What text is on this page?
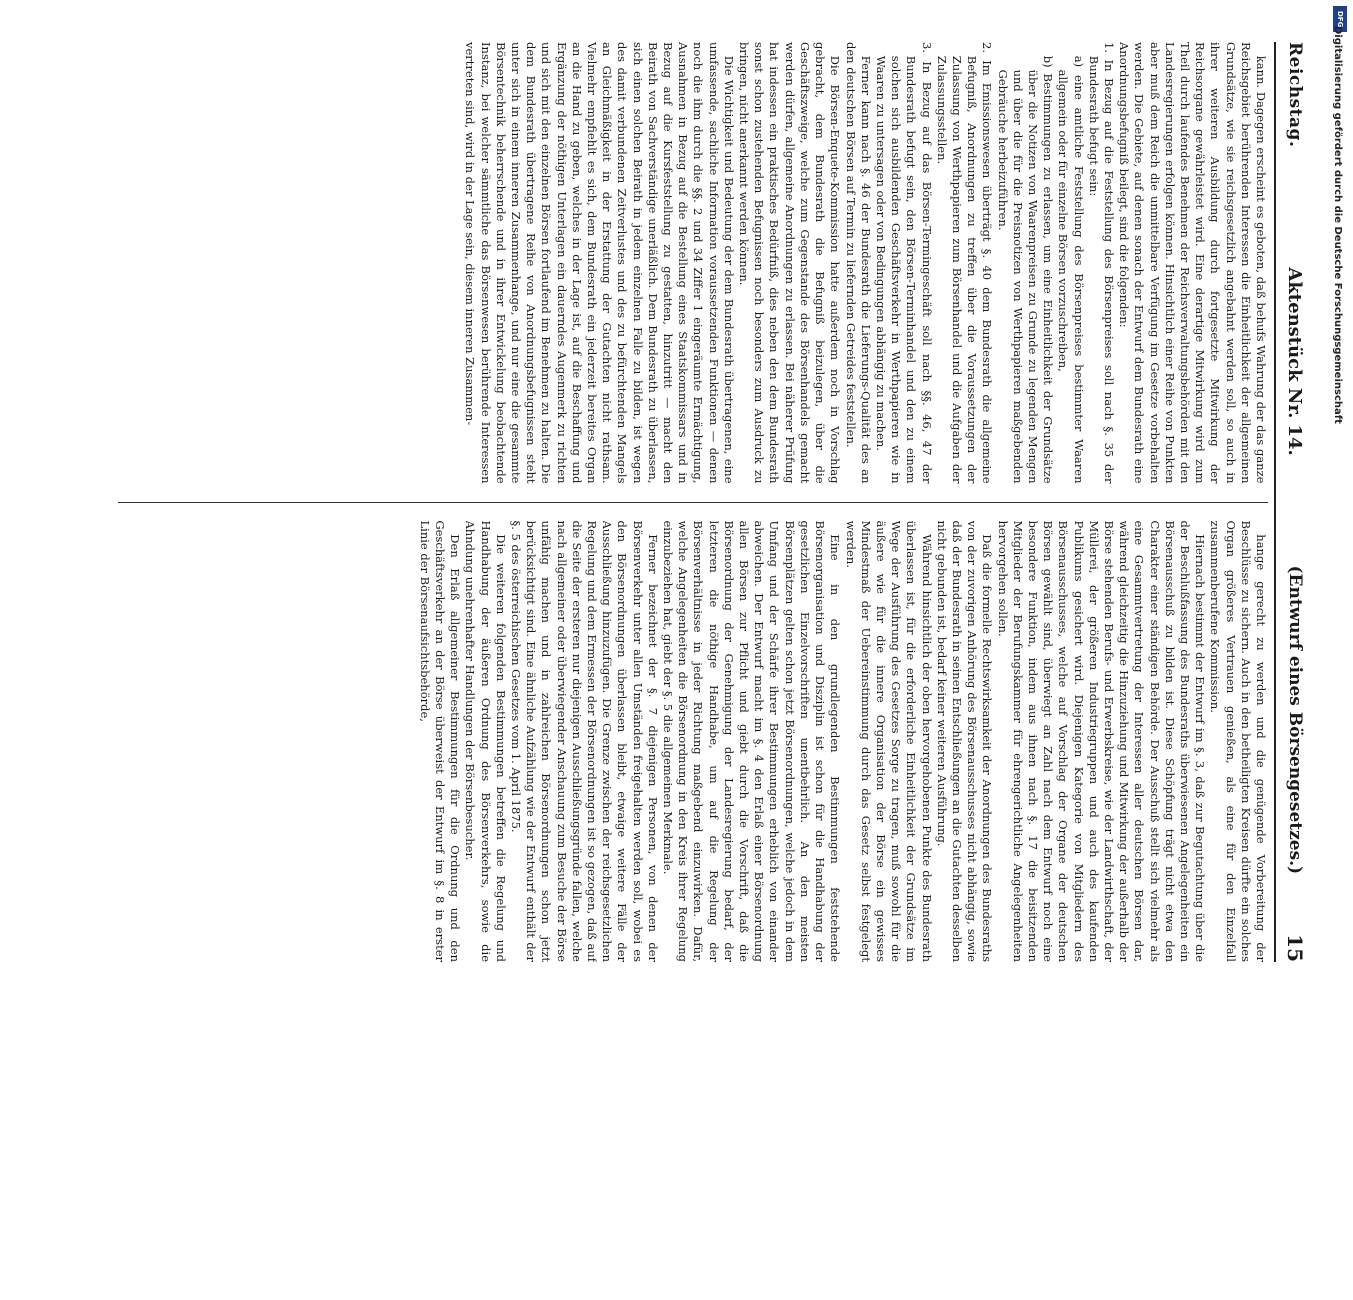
Reichstag.
Aktenstück Nr.
14.
(Entwurf eines Börsengesetzes.)
15

kann. Dagegen erscheint es geboten, daß behufs Wahrung der das ganze Reichsgebiet berührenden Interessen die Einheitlichkeit der allgemeinen Grundsätze, wie sie reichsgesetzlich angebahnt werden soll, so auch in ihrer weiteren Ausbildung durch fortgesetzte Mitwirkung der Reichsorgane gewährleistet wird. Eine derartige Mitwirkung wird zum Theil durch laufendes Benehmen der Reichsverwaltungsbehörden mit den Landesregierungen erfolgen können. Hinsichtlich einer Reihe von Punkten aber muß dem Reich die unmittelbare Verfügung im Gesetze vorbehalten werden. Die Gebiete, auf denen sonach der Entwurf dem Bundesrath eine Anordnungsbefugniß beilegt, sind die folgenden:

1. In Bezug auf die Feststellung des Börsenpreises soll nach §. 35 der Bundesrath befugt sein:

a) eine amtliche Feststellung des Börsenpreises bestimmter Waaren allgemein oder für einzelne Börsen vorzuschreiben,

b) Bestimmungen zu erlassen, um eine Einheitlichkeit der Grundsätze über die Notizen von Waarenpreisen zu Grunde zu legenden Mengen und über die für die Preisnotizen von Werthpapieren maßgebenden Gebräuche herbeizuführen.

2. Im Emissionswesen überträgt §. 40 dem Bundesrath die allgemeine Befugniß, Anordnungen zu treffen über die Voraussetzungen der Zulassung von Werthpapieren zum Börsenhandel und die Aufgaben der Zulassungsstellen.

3. In Bezug auf das Börsen-Termingeschäft soll nach §§. 46, 47 der Bundesrath befugt sein, den Börsen-Terminhandel und den zu einem solchen sich ausbildenden Geschäftsverkehr in Werthpapieren wie in Waaren zu untersagen oder von Bedingungen abhängig zu machen.

Ferner kann nach §. 46 der Bundesrath die Lieferungs-Qualität des an den deutschen Börsen auf Termin zu liefernden Getreides feststellen.

Die Börsen-Enquete-Kommission hatte außerdem noch in Vorschlag gebracht, dem Bundesrath die Befugniß beizulegen, über die Geschäftszweige, welche zum Gegenstande des Börsenhandels gemacht werden dürfen, allgemeine Anordnungen zu erlassen. Bei näherer Prüfung hat indessen ein praktisches Bedürfniß, dies neben den dem Bundesrath sonst schon zustehenden Befugnissen noch besonders zum Ausdruck zu bringen, nicht anerkannt werden können.

Die Wichtigkeit und Bedeutung der dem Bundesrath übertragenen, eine umfassende, sachliche Information voraussetzenden Funktionen — denen noch die ihm durch die §§. 2 und 34 Ziffer 1 eingeräumte Ermächtigung, Ausnahmen in Bezug auf die Bestellung eines Staatskommissars und in Bezug auf die Kursfeststellung zu gestatten, hinzutritt — macht den Beirath von Sachverständige unerläßlich. Dem Bundesrath zu überlassen, sich einen solchen Beirath in jedem einzelnen Falle zu bilden, ist wegen des damit verbundenen Zeitverlustes und des zu befürchtenden Mangels an Gleichmäßigkeit in der Erstattung der Gutachten nicht rathsam. Vielmehr empfiehlt es sich, dem Bundesrath ein jederzeit bereites Organ an die Hand zu geben, welches in der Lage ist, auf die Beschaffung und Ergänzung der nöthigen Unterlagen ein dauerndes Augenmerk zu richten und sich mit den einzelnen Börsen fortlaufend im Benehmen zu halten. Die dem Bundesrath übertragene Reihe von Anordnungsbefugnissen steht unter sich in einem inneren Zusammenhange, und nur eine die gesammte Börsentechnik beherrschende und in ihrer Entwickelung beobachtende Instanz, bei welcher sämmtliche das Börsenwesen berührende Interessen vertreten sind, wird in der Lage sein, diesem inneren Zusammen-

hange gerecht zu werden und die genügende Vorbereitung der Beschlüsse zu sichern. Auch in den betheiligten Kreisen dürfte ein solches Organ größeres Vertrauen genießen, als eine für den Einzelfall zusammenberufene Kommission.

Hiernach bestimmt der Entwurf im §. 3, daß zur Begutachtung über die der Beschlußfassung des Bundesraths überwiesenen Angelegenheiten ein Börsenausschuß zu bilden ist. Diese Schöpfung trägt nicht etwa den Charakter einer ständigen Behörde. Der Ausschuß stellt sich vielmehr als eine Gesammtvertretung der Interessen aller deutschen Börsen dar, während gleichzeitig die Hinzuziehung und Mitwirkung der außerhalb der Börse stehenden Berufs- und Erwerbskreise, wie der Landwirthschaft, der Müllerei, der größeren Industriegruppen und auch des kaufenden Publikums gesichert wird. Diejenigen Kategorie von Mitgliedern des Börsenausschusses, welche auf Vorschlag der Organe der deutschen Börsen gewählt sind, überwiegt an Zahl nach dem Entwurf noch eine besondere Funktion, indem aus ihnen nach §. 17 die beisitzenden Mitglieder der Berufungskammer für ehrengerichtliche Angelegenheiten hervorgehen sollen.

Daß die formelle Rechtswirksamkeit der Anordnungen des Bundesraths von der zuvorigen Anhörung des Börsenausschusses nicht abhängig, sowie daß der Bundesrath in seinen Entschließungen an die Gutachten desselben nicht gebunden ist, bedarf keiner weiteren Ausführung.

Während hinsichtlich der oben hervorgehobenen Punkte des Bundesrath überlassen ist, für die erforderliche Einheitlichkeit der Grundsätze im Wege der Ausführung des Gesetzes Sorge zu tragen, muß sowohl für die äußere wie für die innere Organisation der Börse ein gewisses Mindestmaß der Uebereinstimmung durch das Gesetz selbst festgelegt werden.

Eine in den grundlegenden Bestimmungen feststehende Börsenorganisation und Disziplin ist schon für die Handhabung der gesetzlichen Einzelvorschriften unentbehrlich. An den meisten Börsenplätzen gelten schon jetzt Börsenordnungen, welche jedoch in dem Umfang und der Schärfe ihrer Bestimmungen erheblich von einander abweichen. Der Entwurf macht im §. 4 den Erlaß einer Börsenordnung allen Börsen zur Pflicht und giebt durch die Vorschrift, daß die Börsenordnung der Genehmigung der Landesregierung bedarf, der letzteren die nöthige Handhabe, um auf die Regelung der Börsenverhältnisse in jeder Richtung maßgebend einzuwirken. Dafür, welche Angelegenheiten die Börsenordnung in den Kreis ihrer Regelung einzubeziehen hat, giebt der §. 5 die allgemeinen Merkmale.

Ferner bezeichnet der §. 7 diejenigen Personen, von denen der Börsenverkehr unter allen Umständen freigehalten werden soll, wobei es den Börsenordnungen überlassen bleibt, etwaige weitere Fälle der Ausschließung hinzuzufügen. Die Grenze zwischen der reichsgesetzlichen Regelung und dem Ermessen der Börsenordnungen ist so gezogen, daß auf die Seite der ersteren nur diejenigen Ausschließungsgründe fallen, welche nach allgemeiner oder überwiegender Anschauung zum Besuche der Börse unfähig machen und in zahlreichen Börsenordnungen schon jetzt berücksichtigt sind. Eine ähnliche Aufzählung wie der Entwurf enthält der §. 5 des österreichischen Gesetzes vom 1. April 1875.

Die weiteren folgenden Bestimmungen betreffen die Regelung und Handhabung der äußeren Ordnung des Börsenverkehrs, sowie die Ahndung unehrenhafter Handlungen der Börsenbesucher.

Den Erlaß allgemeiner Bestimmungen für die Ordnung und den Geschäftsverkehr an der Börse überweist der Entwurf im §. 8 in erster Linie der Börsenaufsichtsbehörde,

DFG
Digitalisierung gefördert durch die Deutsche Forschungsgemeinschaft
